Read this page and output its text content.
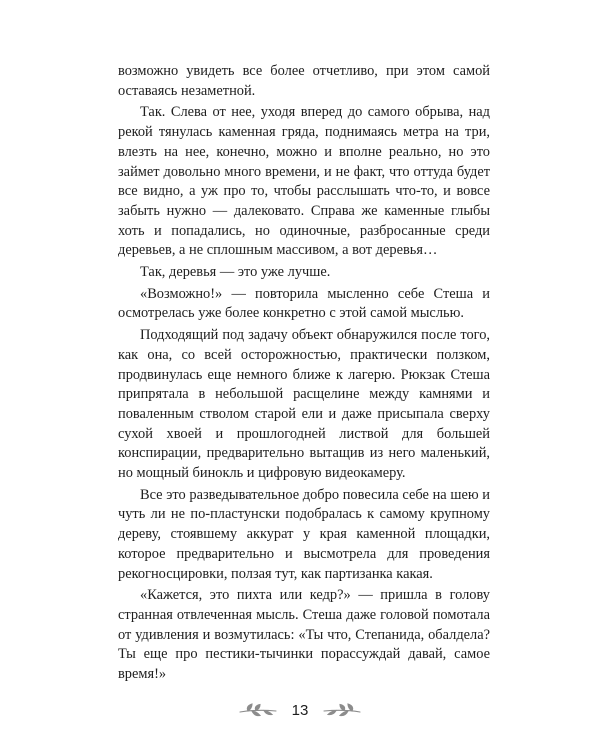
возможно увидеть все более отчетливо, при этом самой оставаясь незаметной.

Так. Слева от нее, уходя вперед до самого обрыва, над рекой тянулась каменная гряда, поднимаясь метра на три, влезть на нее, конечно, можно и вполне реально, но это займет довольно много времени, и не факт, что оттуда будет все видно, а уж про то, чтобы расслышать что-то, и вовсе забыть нужно — далековато. Справа же каменные глыбы хоть и попадались, но одиночные, разбросанные среди деревьев, а не сплошным массивом, а вот деревья…

Так, деревья — это уже лучше.

«Возможно!» — повторила мысленно себе Стеша и осмотрелась уже более конкретно с этой самой мыслью.

Подходящий под задачу объект обнаружился после того, как она, со всей осторожностью, практически ползком, продвинулась еще немного ближе к лагерю. Рюкзак Стеша припрятала в небольшой расщелине между камнями и поваленным стволом старой ели и даже присыпала сверху сухой хвоей и прошлогодней листвой для большей конспирации, предварительно вытащив из него маленький, но мощный бинокль и цифровую видеокамеру.

Все это разведывательное добро повесила себе на шею и чуть ли не по-пластунски подобралась к самому крупному дереву, стоявшему аккурат у края каменной площадки, которое предварительно и высмотрела для проведения рекогносцировки, ползая тут, как партизанка какая.

«Кажется, это пихта или кедр?» — пришла в голову странная отвлеченная мысль. Стеша даже головой помотала от удивления и возмутилась: «Ты что, Степанида, обалдела? Ты еще про пестики-тычинки порассуждай давай, самое время!»

13
